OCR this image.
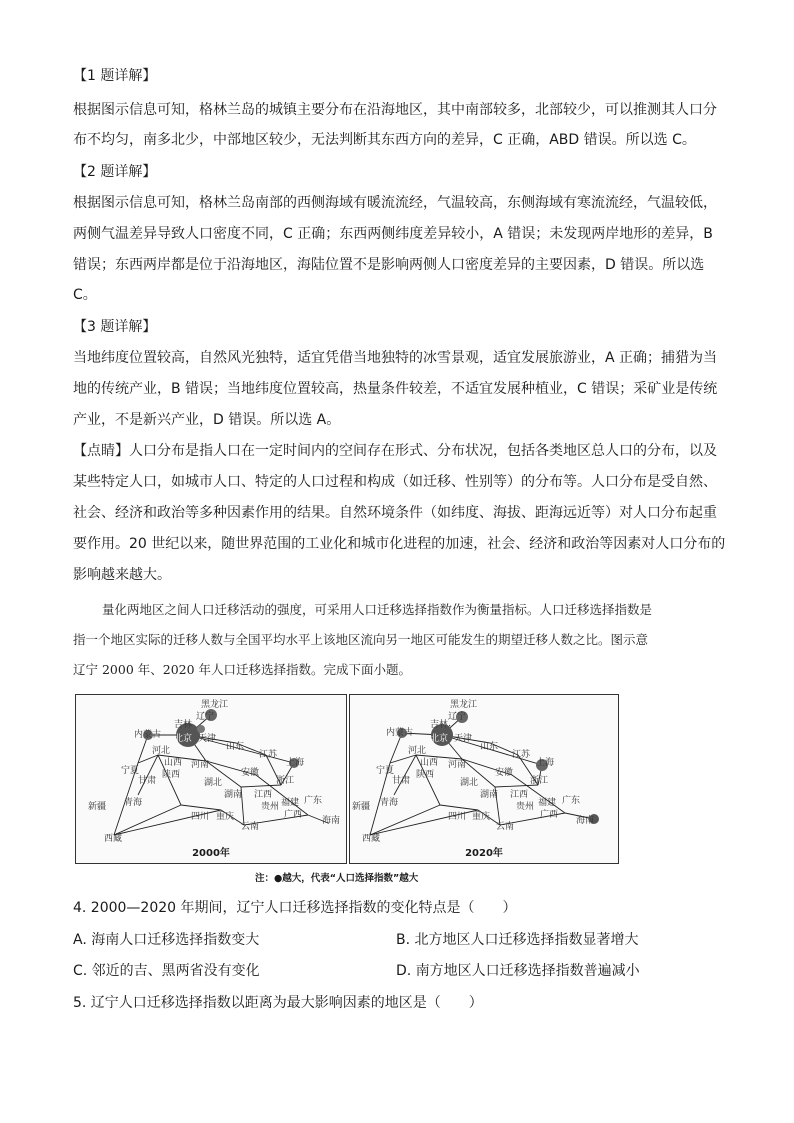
【1 题详解】
根据图示信息可知，格林兰岛的城镇主要分布在沿海地区，其中南部较多，北部较少，可以推测其人口分
布不均匀，南多北少，中部地区较少，无法判断其东西方向的差异，C 正确，ABD 错误。所以选 C。
【2 题详解】
根据图示信息可知，格林兰岛南部的西侧海域有暖流流经，气温较高，东侧海域有寒流流经，气温较低，
两侧气温差异导致人口密度不同，C 正确；东西两侧纬度差异较小，A 错误；未发现两岸地形的差异，B
错误；东西两岸都是位于沿海地区，海陆位置不是影响两侧人口密度差异的主要因素，D 错误。所以选
C。
【3 题详解】
当地纬度位置较高，自然风光独特，适宜凭借当地独特的冰雪景观，适宜发展旅游业，A 正确；捕猎为当
地的传统产业，B 错误；当地纬度位置较高，热量条件较差，不适宜发展种植业，C 错误；采矿业是传统
产业，不是新兴产业，D 错误。所以选 A。
【点睛】人口分布是指人口在一定时间内的空间存在形式、分布状况，包括各类地区总人口的分布，以及
某些特定人口，如城市人口、特定的人口过程和构成（如迁移、性别等）的分布等。人口分布是受自然、
社会、经济和政治等多种因素作用的结果。自然环境条件（如纬度、海拔、距海远近等）对人口分布起重
要作用。20 世纪以来，随世界范围的工业化和城市化进程的加速，社会、经济和政治等因素对人口分布的
影响越来越大。
量化两地区之间人口迁移活动的强度，可采用人口迁移选择指数作为衡量指标。人口迁移选择指数是
指一个地区实际的迁移人数与全国平均水平上该地区流向另一地区可能发生的期望迁移人数之比。图示意
辽宁 2000 年、2020 年人口迁移选择指数。完成下面小题。
黑龙江
吉林
辽宁
内蒙古 北京 天津
河北
山西
山东
江苏
安徽
上海
浙江
宁夏
甘肃
陕西
河南
湖北
青海
四川 重庆
湖南 江西
福建 广东
广西
海南
新疆
西藏
云南
贵州
2000年
黑龙江
吉林
辽宁
内蒙古
北京 天津
河北
山西
山东
江苏
安徽
上海
浙江
宁夏
甘肃
陕西
河南
湖北
青海
四川 重庆
湖南 江西
福建 广东
广西
海南
新疆
西藏
云南
贵州
2020年
注：●越大，代表“人口选择指数”越大
4. 2000—2020 年期间，辽宁人口迁移选择指数的变化特点是（　　）
A. 海南人口迁移选择指数变大	B. 北方地区人口迁移选择指数显著增大
C. 邻近的吉、黑两省没有变化	D. 南方地区人口迁移选择指数普遍减小
5. 辽宁人口迁移选择指数以距离为最大影响因素的地区是（　　）
